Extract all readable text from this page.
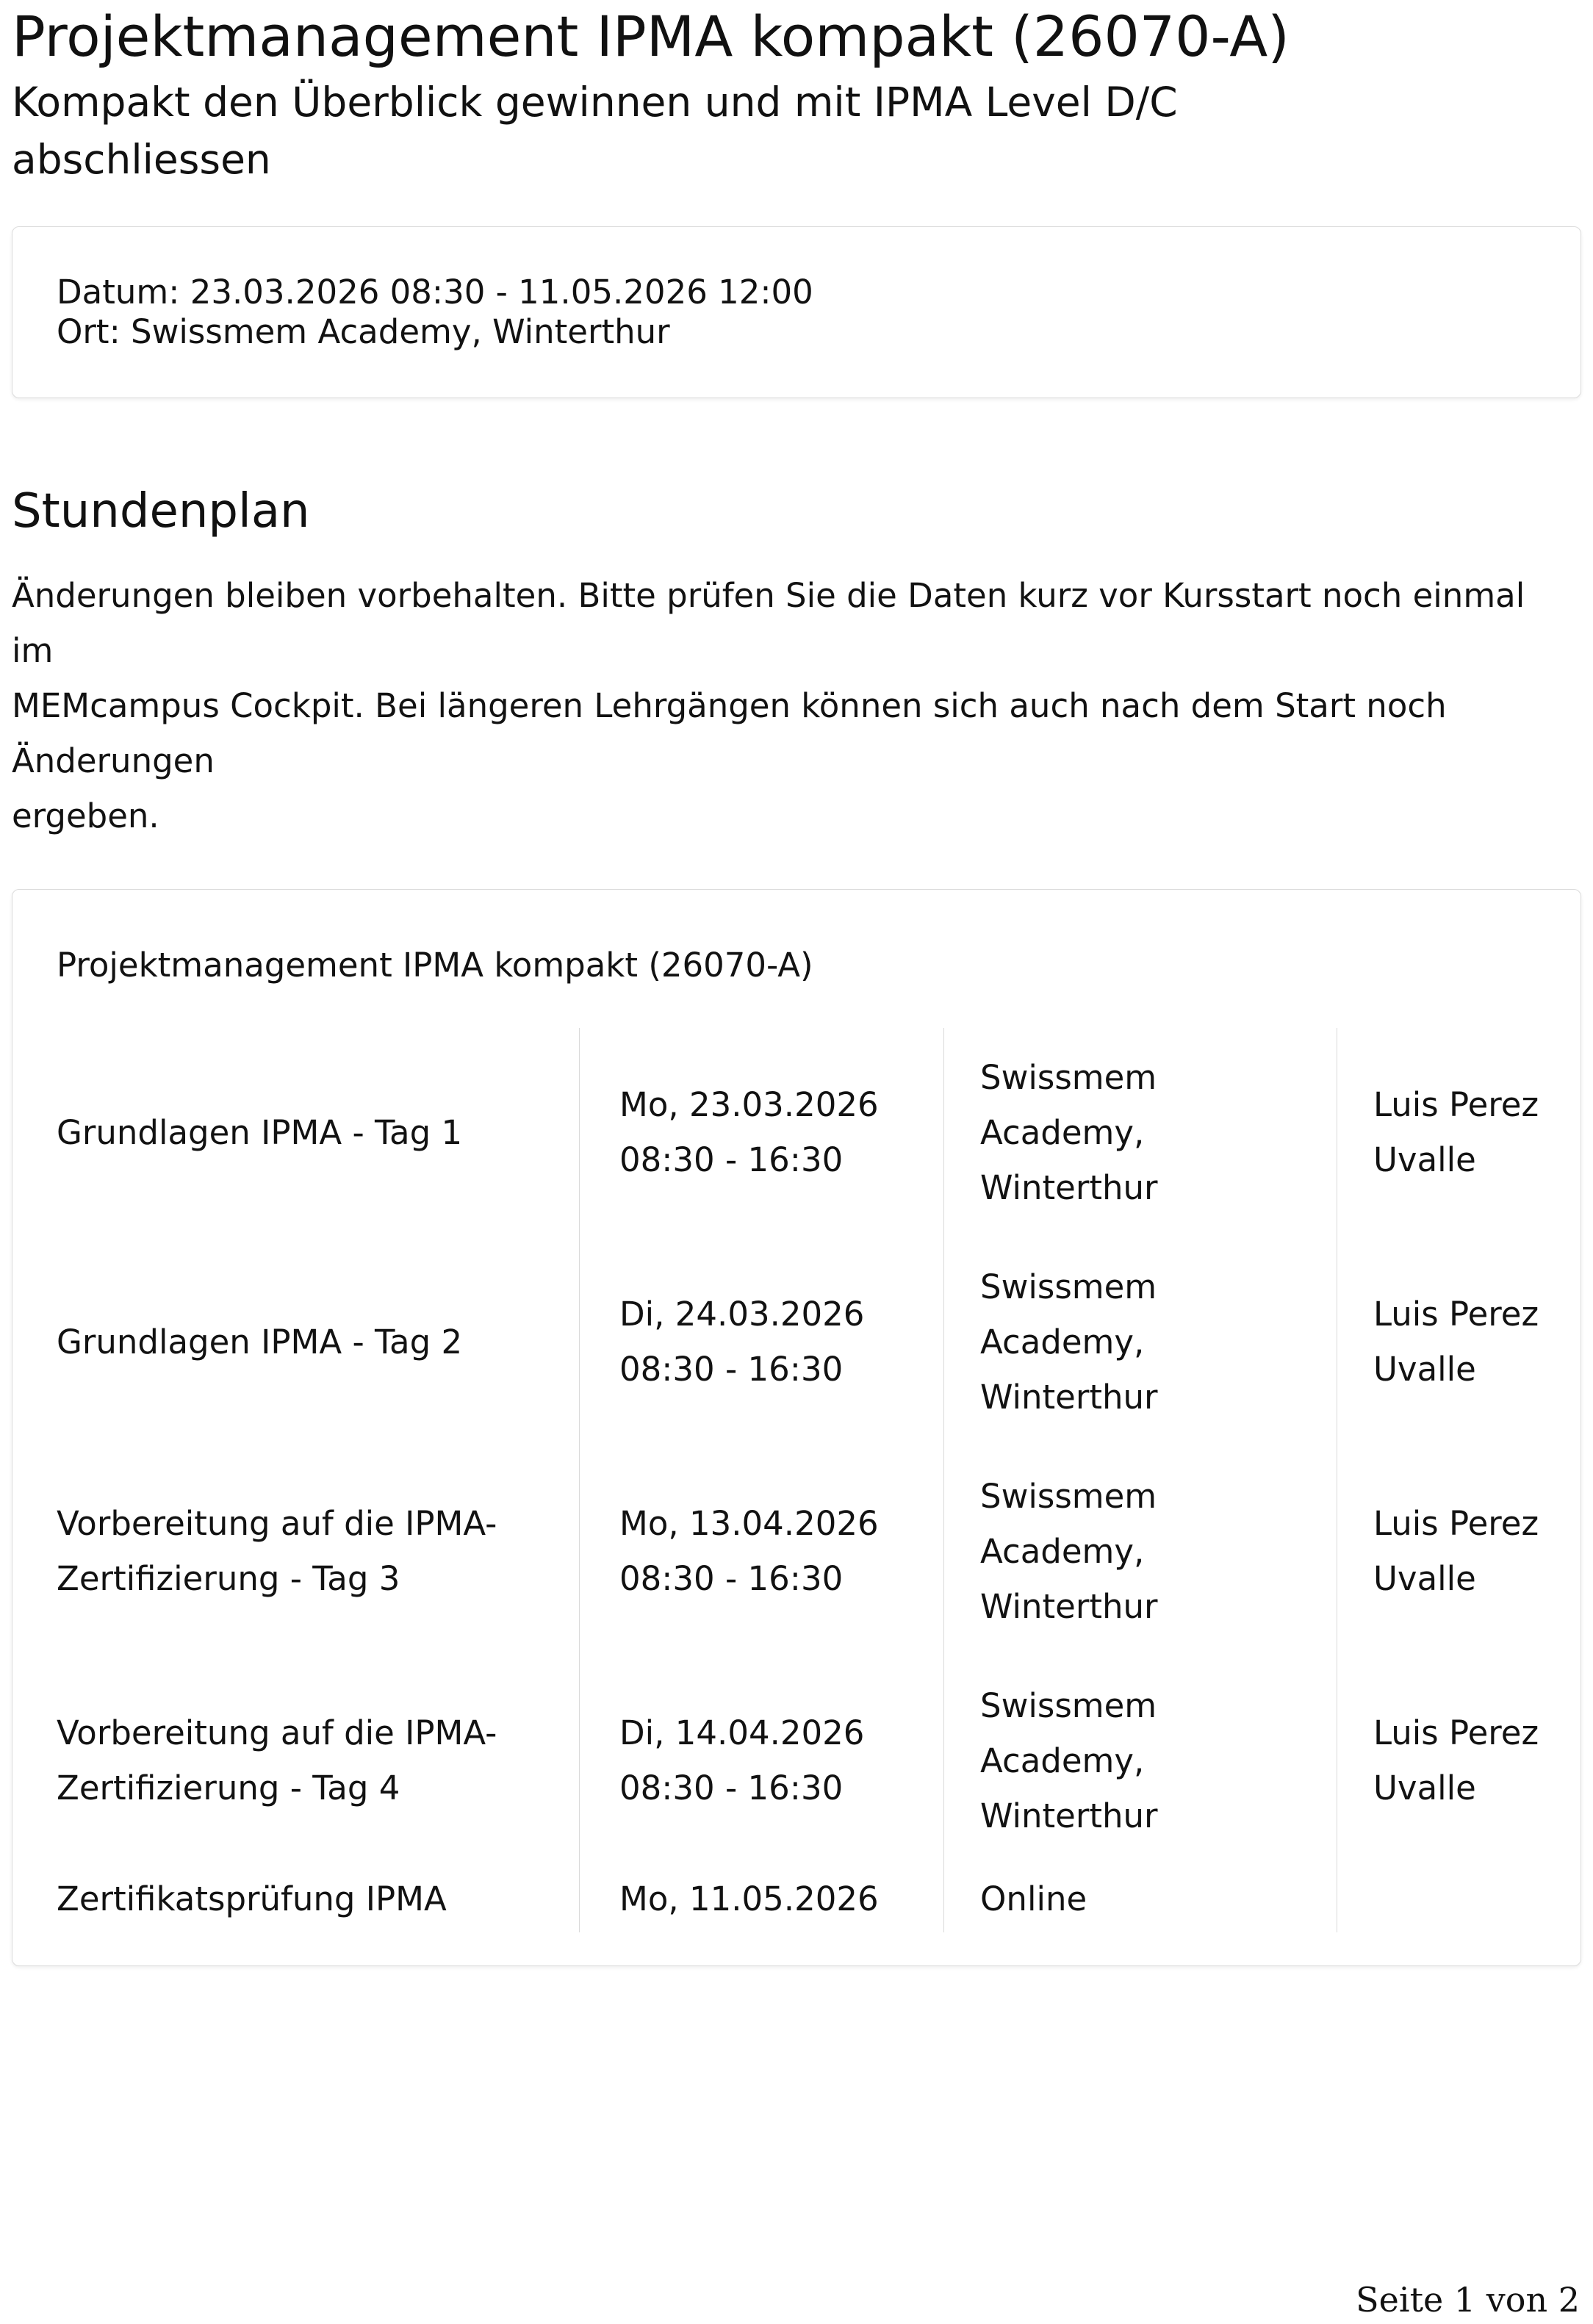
Projektmanagement IPMA kompakt (26070-A)
Kompakt den Überblick gewinnen und mit IPMA Level D/C
abschliessen
Datum: 23.03.2026 08:30 - 11.05.2026 12:00
Ort: Swissmem Academy, Winterthur
Stundenplan

Änderungen bleiben vorbehalten. Bitte prüfen Sie die Daten kurz vor Kursstart noch einmal im
MEMcampus Cockpit. Bei längeren Lehrgängen können sich auch nach dem Start noch Änderungen
ergeben.

Projektmanagement IPMA kompakt (26070-A)
Grundlagen IPMA - Tag 1
Mo, 23.03.2026
08:30 - 16:30
Swissmem
Academy,
Winterthur
Luis Perez
Uvalle
Grundlagen IPMA - Tag 2
Di, 24.03.2026
08:30 - 16:30
Swissmem
Academy,
Winterthur
Luis Perez
Uvalle
Vorbereitung auf die IPMA-
Zertifizierung - Tag 3
Mo, 13.04.2026
08:30 - 16:30
Swissmem
Academy,
Winterthur
Luis Perez
Uvalle
Vorbereitung auf die IPMA-
Zertifizierung - Tag 4
Di, 14.04.2026
08:30 - 16:30
Swissmem
Academy,
Winterthur
Luis Perez
Uvalle
Zertifikatsprüfung IPMA	Mo, 11.05.2026	Online
Seite 1 von 2
